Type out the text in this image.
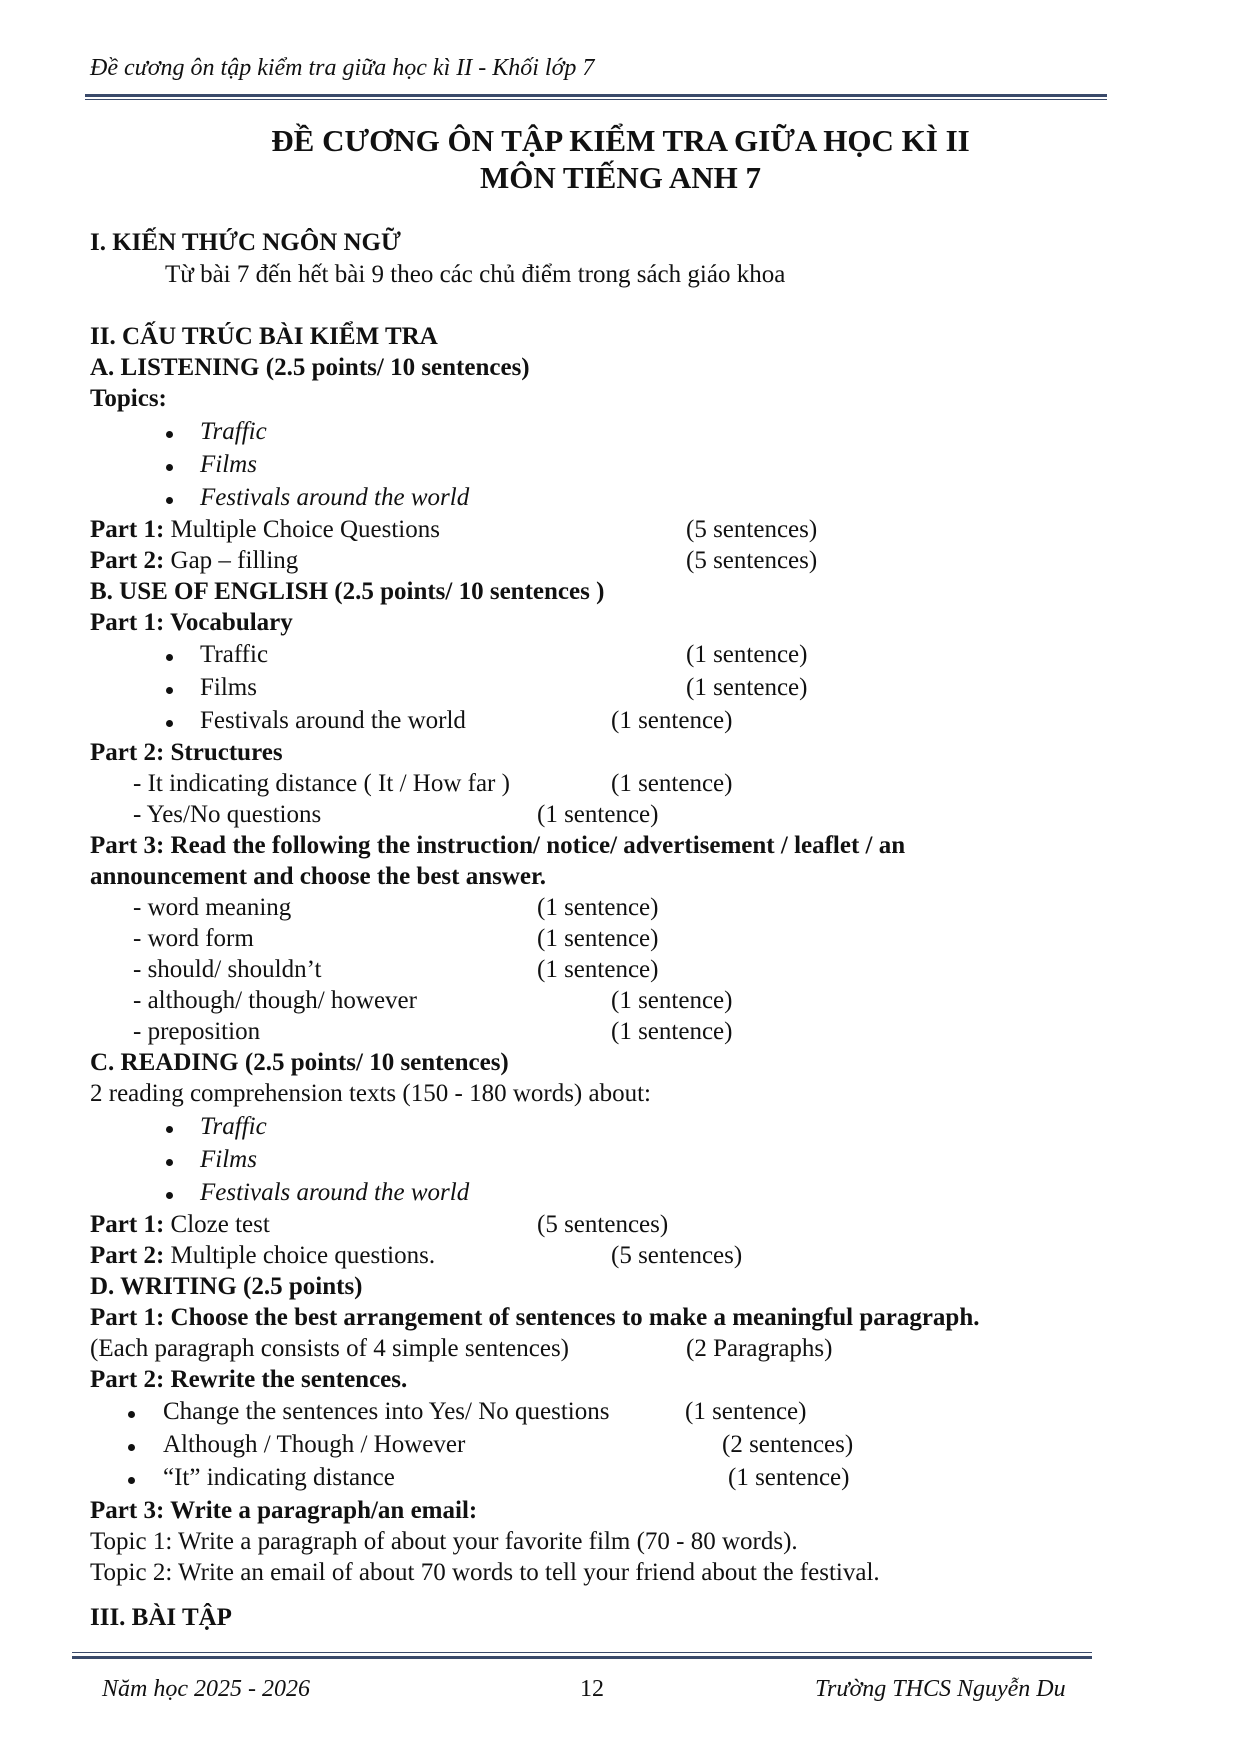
Đề cương ôn tập kiểm tra giữa học kì II - Khối lớp 7
ĐỀ CƯƠNG ÔN TẬP KIỂM TRA GIỮA HỌC KÌ II
MÔN TIẾNG ANH 7
I. KIẾN THỨC NGÔN NGỮ
Từ bài 7 đến hết bài 9 theo các chủ điểm trong sách giáo khoa
II. CẤU TRÚC BÀI KIỂM TRA
A. LISTENING (2.5 points/ 10 sentences)
Topics:
Traffic
Films
Festivals around the world
Part 1: Multiple Choice Questions	(5 sentences)
Part 2: Gap – filling	(5 sentences)
B. USE OF ENGLISH (2.5 points/ 10 sentences )
Part 1: Vocabulary
Traffic	(1 sentence)
Films	(1 sentence)
Festivals around the world	(1 sentence)
Part 2: Structures
- It indicating distance ( It / How far )	(1 sentence)
- Yes/No questions	(1 sentence)
Part 3: Read the following the instruction/ notice/ advertisement / leaflet / an
announcement and choose the best answer.
- word meaning	(1 sentence)
- word form	(1 sentence)
- should/ shouldn’t	(1 sentence)
- although/ though/ however	(1 sentence)
- preposition	(1 sentence)
C. READING (2.5 points/ 10 sentences)
2 reading comprehension texts (150 - 180 words) about:
Traffic
Films
Festivals around the world
Part 1: Cloze test	(5 sentences)
Part 2: Multiple choice questions.	(5 sentences)
D. WRITING (2.5 points)
Part 1: Choose the best arrangement of sentences to make a meaningful paragraph.
(Each paragraph consists of 4 simple sentences)	(2 Paragraphs)
Part 2: Rewrite the sentences.
Change the sentences into Yes/ No questions	(1 sentence)
Although / Though / However	(2 sentences)
“It” indicating distance	(1 sentence)
Part 3: Write a paragraph/an email:
Topic 1: Write a paragraph of about your favorite film (70 - 80 words).
Topic 2: Write an email of about 70 words to tell your friend about the festival.
III. BÀI TẬP
Năm học 2025 - 2026	12	Trường THCS Nguyễn Du
